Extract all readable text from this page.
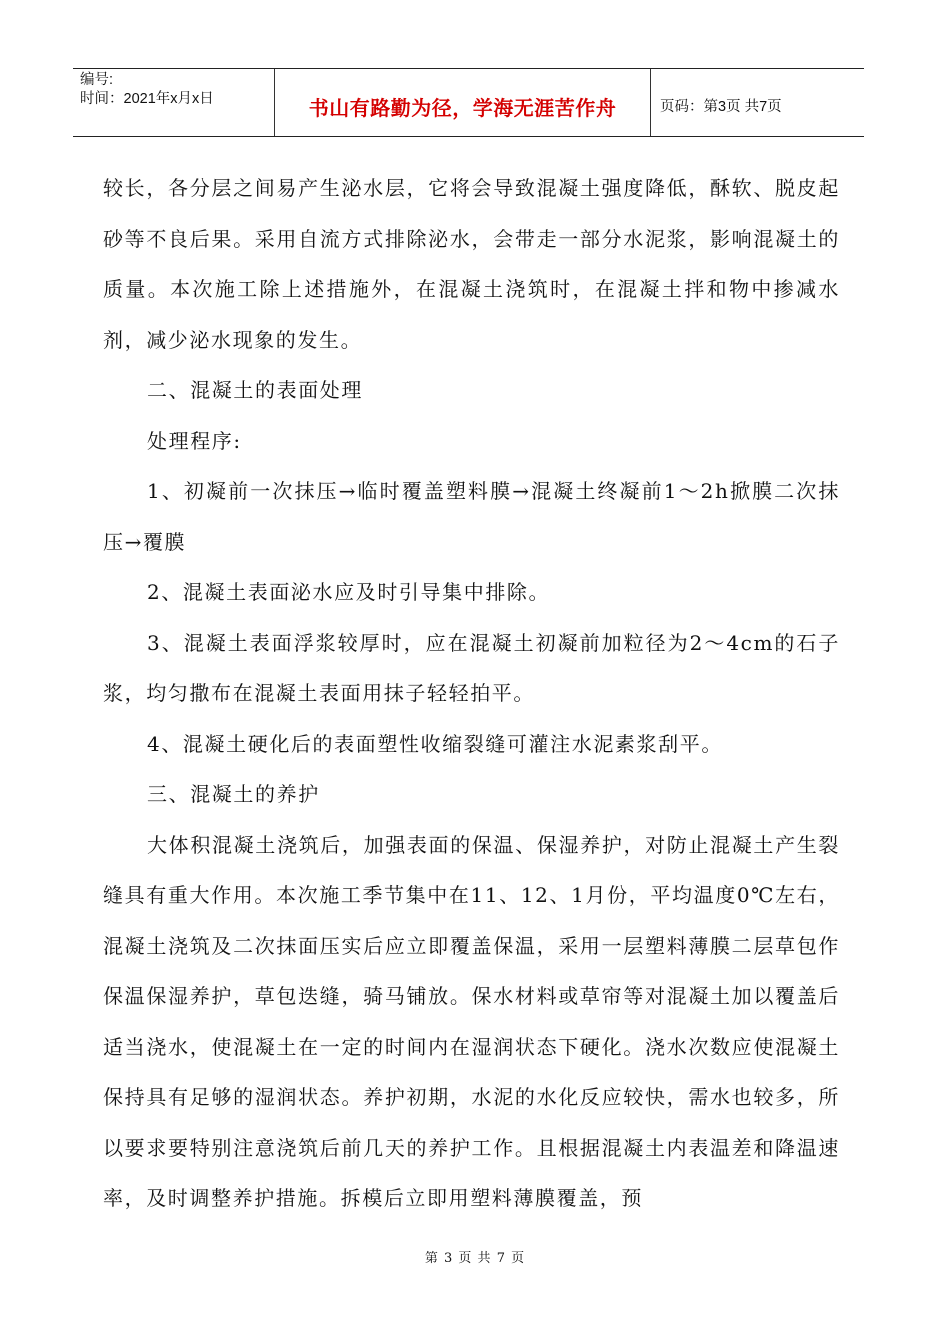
编号:
时间：2021年x月x日	书山有路勤为径，学海无涯苦作舟	页码：第3页 共7页

较长，各分层之间易产生泌水层，它将会导致混凝土强度降低，酥软、脱皮起砂等不良后果。采用自流方式排除泌水，会带走一部分水泥浆，影响混凝土的质量。本次施工除上述措施外，在混凝土浇筑时，在混凝土拌和物中掺减水剂，减少泌水现象的发生。

二、混凝土的表面处理

处理程序:

1、初凝前一次抹压→临时覆盖塑料膜→混凝土终凝前1～2h掀膜二次抹压→覆膜

2、混凝土表面泌水应及时引导集中排除。

3、混凝土表面浮浆较厚时，应在混凝土初凝前加粒径为2～4cm的石子浆，均匀撒布在混凝土表面用抹子轻轻拍平。

4、混凝土硬化后的表面塑性收缩裂缝可灌注水泥素浆刮平。

三、混凝土的养护

大体积混凝土浇筑后，加强表面的保温、保湿养护，对防止混凝土产生裂缝具有重大作用。本次施工季节集中在11、12、1月份，平均温度0℃左右，混凝土浇筑及二次抹面压实后应立即覆盖保温，采用一层塑料薄膜二层草包作保温保湿养护，草包迭缝，骑马铺放。保水材料或草帘等对混凝土加以覆盖后适当浇水，使混凝土在一定的时间内在湿润状态下硬化。浇水次数应使混凝土保持具有足够的湿润状态。养护初期，水泥的水化反应较快，需水也较多，所以要求要特别注意浇筑后前几天的养护工作。且根据混凝土内表温差和降温速率，及时调整养护措施。拆模后立即用塑料薄膜覆盖，预

第 3 页 共 7 页
